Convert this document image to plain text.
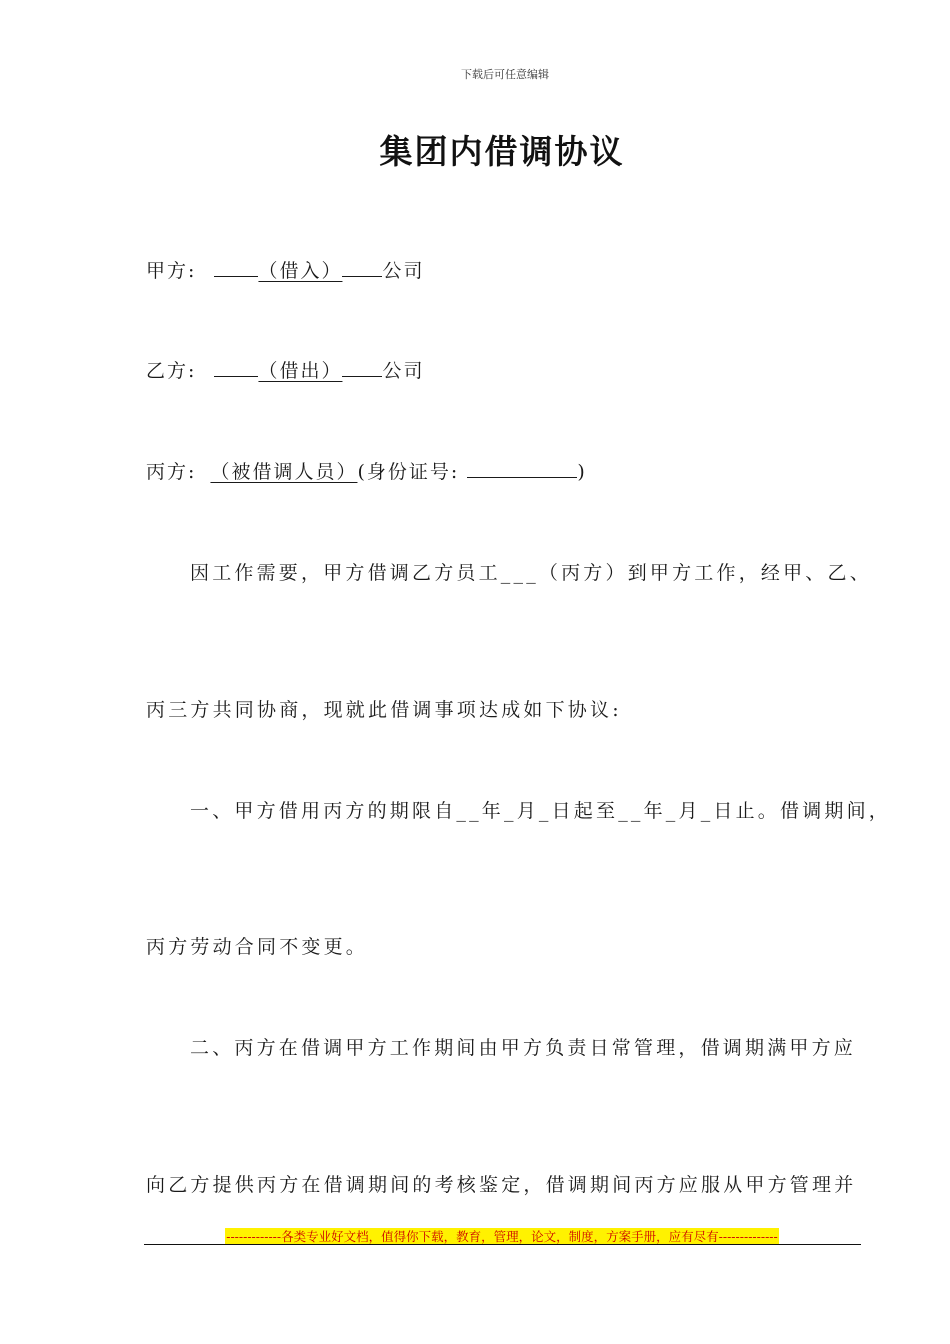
下载后可任意编辑
集团内借调协议
甲方:	（借入） 公司
乙方:	（借出） 公司
丙方: （被借调人员）(身份证号:	)
因工作需要，甲方借调乙方员工___（丙方）到甲方工作，经甲、乙、
丙三方共同协商，现就此借调事项达成如下协议:
一、甲方借用丙方的期限自__年_月_日起至__年_月_日止。借调期间，
丙方劳动合同不变更。
二、丙方在借调甲方工作期间由甲方负责日常管理，借调期满甲方应
向乙方提供丙方在借调期间的考核鉴定，借调期间丙方应服从甲方管理并
-------------各类专业好文档，值得你下载，教育，管理，论文，制度，方案手册，应有尽有--------------
